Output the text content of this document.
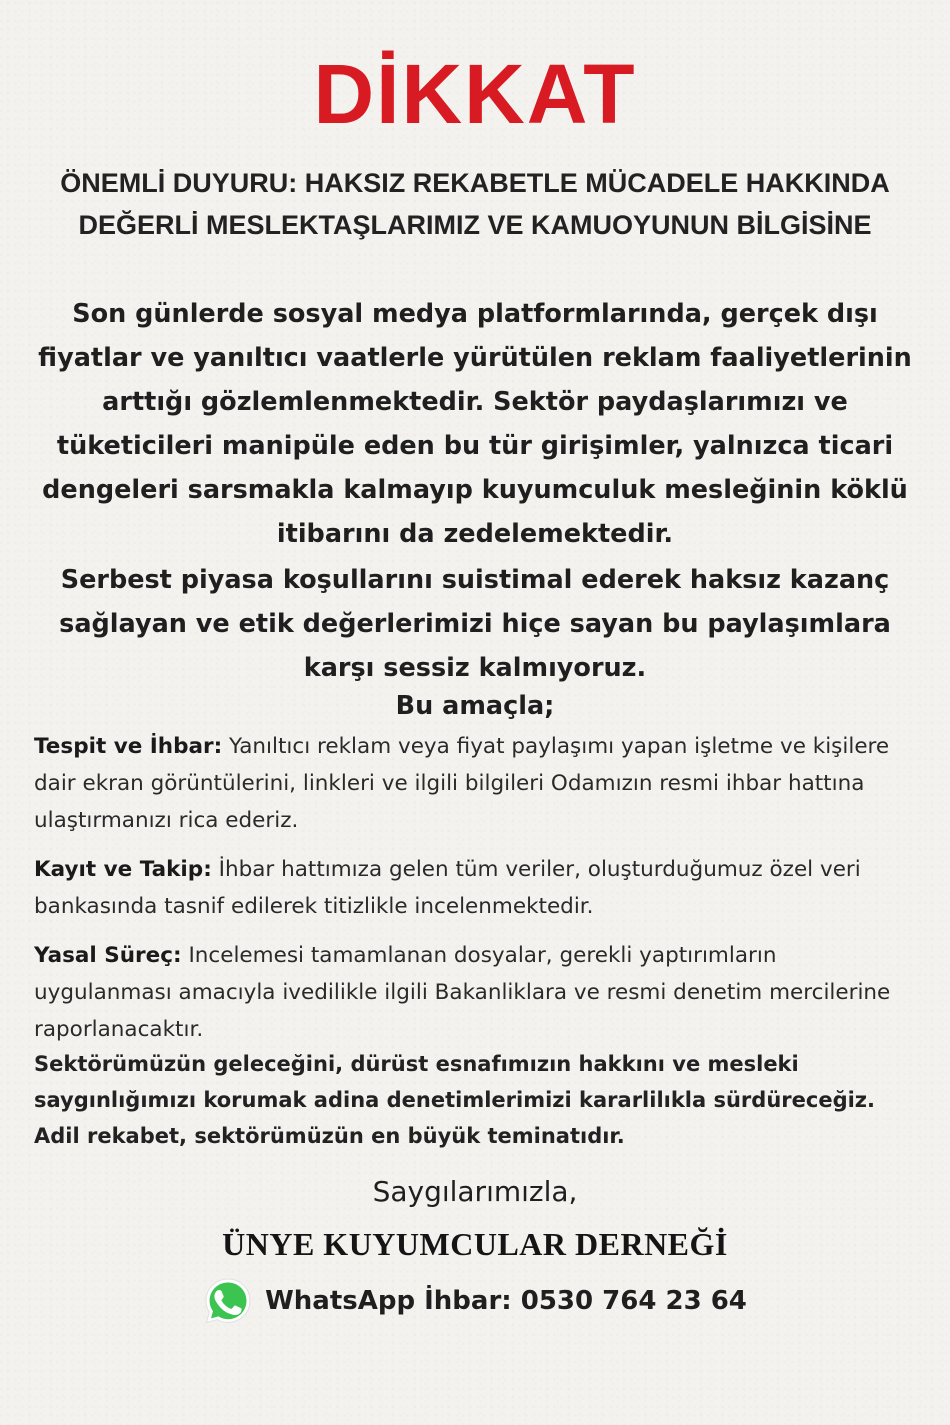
DİKKAT
ÖNEMLİ DUYURU: HAKSIZ REKABETLE MÜCADELE HAKKINDA DEĞERLİ MESLEKTAŞLARIMIZ VE KAMUOYUNUN BİLGİSİNE
Son günlerde sosyal medya platformlarında, gerçek dışı fiyatlar ve yanıltıcı vaatlerle yürütülen reklam faaliyetlerinin arttığı gözlemlenmektedir. Sektör paydaşlarımızı ve tüketicileri manipüle eden bu tür girişimler, yalnızca ticari dengeleri sarsmakla kalmayıp kuyumculuk mesleğinin köklü itibarını da zedelemektedir.
Serbest piyasa koşullarını suistimal ederek haksız kazanç sağlayan ve etik değerlerimizi hiçe sayan bu paylaşımlara karşı sessiz kalmıyoruz.
Bu amaçla;
Tespit ve İhbar: Yanıltıcı reklam veya fiyat paylaşımı yapan işletme ve kişilere dair ekran görüntülerini, linkleri ve ilgili bilgileri Odamızın resmi ihbar hattına ulaştırmanızı rica ederiz.
Kayıt ve Takip: İhbar hattımıza gelen tüm veriler, oluşturduğumuz özel veri bankasında tasnif edilerek titizlikle incelenmektedir.
Yasal Süreç: Incelemesi tamamlanan dosyalar, gerekli yaptırımların uygulanması amacıyla ivedilikle ilgili Bakanliklara ve resmi denetim mercilerine raporlanacaktır.
Sektörümüzün geleceğini, dürüst esnafımızın hakkını ve mesleki saygınlığımızı korumak adina denetimlerimizi kararlilıkla sürdüreceğiz. Adil rekabet, sektörümüzün en büyük teminatıdır.
Saygılarımızla,
ÜNYE KUYUMCULAR DERNEĞİ
WhatsApp İhbar: 0530 764 23 64
